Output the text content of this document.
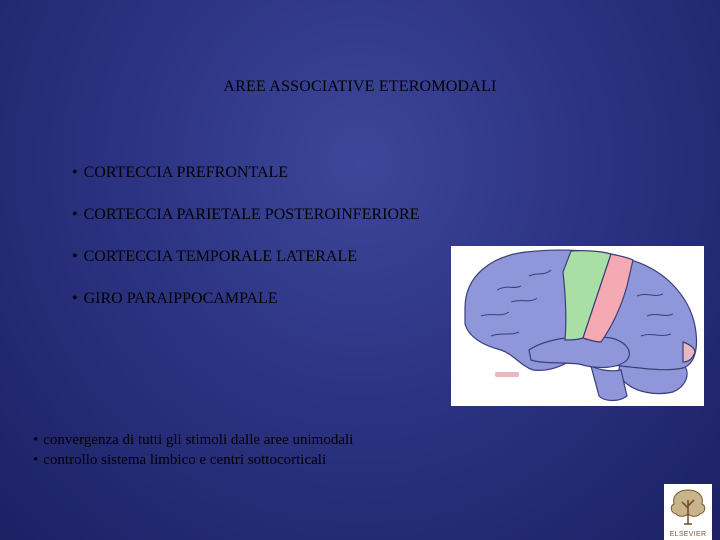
AREE ASSOCIATIVE ETEROMODALI
• CORTECCIA PREFRONTALE
• CORTECCIA PARIETALE POSTEROINFERIORE
• CORTECCIA TEMPORALE LATERALE
• GIRO PARAIPPOCAMPALE
• convergenza di tutti gli stimoli dalle aree unimodali
• controllo sistema limbico e centri sottocorticali
ELSEVIER
